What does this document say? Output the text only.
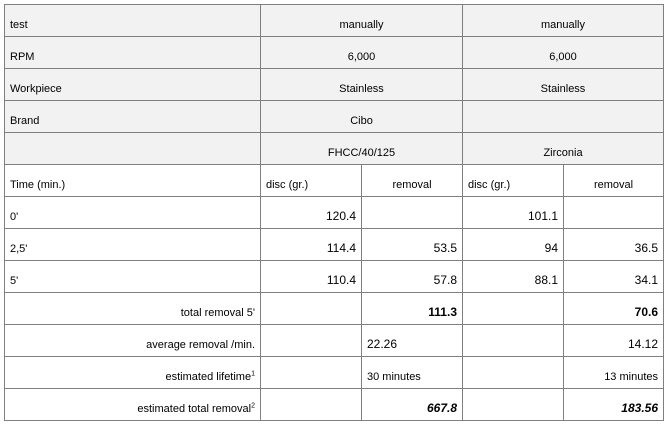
test	manually		manually	
RPM	6,000		6,000	
Workpiece	Stainless		Stainless	
Brand	Cibo			
	FHCC/40/125		Zirconia	
Time (min.)	disc (gr.)	removal	disc (gr.)	removal
0'	120.4		101.1	
2,5'	114.4	53.5	94	36.5
5'	110.4	57.8	88.1	34.1
total removal 5'		111.3		70.6
average removal /min.		22.26		14.12
estimated lifetime$^1$		30 minutes		13 minutes
estimated total removal$^2$		667.8		183.56
